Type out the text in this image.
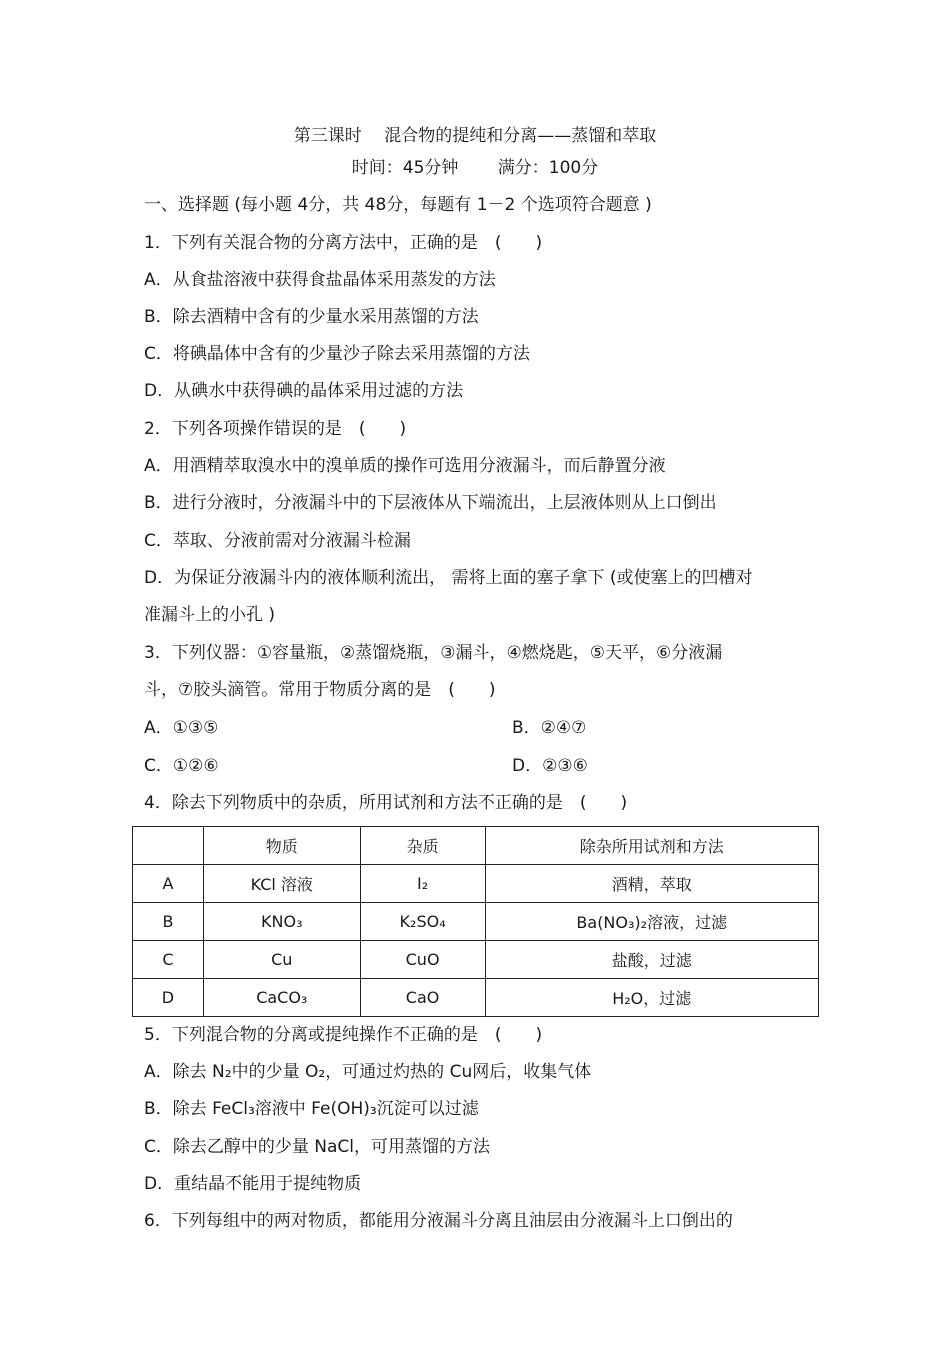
第三课时　 混合物的提纯和分离——蒸馏和萃取
时间：45分钟　　 满分：100分
一、选择题 (每小题 4分，共 48分，每题有 1－2 个选项符合题意 )
1．下列有关混合物的分离方法中，正确的是　(　　)
A．从食盐溶液中获得食盐晶体采用蒸发的方法
B．除去酒精中含有的少量水采用蒸馏的方法
C．将碘晶体中含有的少量沙子除去采用蒸馏的方法
D．从碘水中获得碘的晶体采用过滤的方法
2．下列各项操作错误的是　(　　)
A．用酒精萃取溴水中的溴单质的操作可选用分液漏斗，而后静置分液
B．进行分液时，分液漏斗中的下层液体从下端流出，上层液体则从上口倒出
C．萃取、分液前需对分液漏斗检漏
D．为保证分液漏斗内的液体顺利流出， 需将上面的塞子拿下 (或使塞上的凹槽对
准漏斗上的小孔 )
3．下列仪器：①容量瓶，②蒸馏烧瓶，③漏斗，④燃烧匙，⑤天平，⑥分液漏
斗，⑦胶头滴管。常用于物质分离的是　(　　)
A．①③⑤	B．②④⑦
C．①②⑥	D．②③⑥
4．除去下列物质中的杂质，所用试剂和方法不正确的是　(　　)
	物质	杂质	除杂所用试剂和方法
A	KCl 溶液	I₂	酒精，萃取
B	KNO₃	K₂SO₄	Ba(NO₃)₂溶液，过滤
C	Cu	CuO	盐酸，过滤
D	CaCO₃	CaO	H₂O，过滤
5．下列混合物的分离或提纯操作不正确的是　(　　)
A．除去 N₂中的少量 O₂，可通过灼热的 Cu网后，收集气体
B．除去 FeCl₃溶液中 Fe(OH)₃沉淀可以过滤
C．除去乙醇中的少量 NaCl，可用蒸馏的方法
D．重结晶不能用于提纯物质
6．下列每组中的两对物质，都能用分液漏斗分离且油层由分液漏斗上口倒出的
